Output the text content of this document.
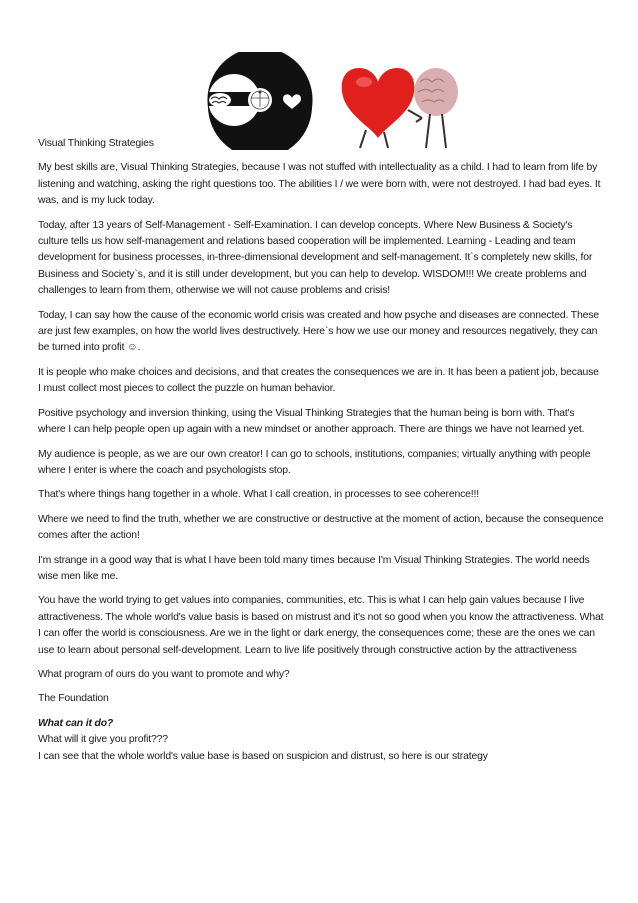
Visual Thinking Strategies

My best skills are, Visual Thinking Strategies, because I was not stuffed with intellectuality as a child. I had to learn from life by listening and watching, asking the right questions too. The abilities I / we were born with, were not destroyed. I had bad eyes. It was, and is my luck today.

Today, after 13 years of Self-Management - Self-Examination. I can develop concepts. Where New Business & Society's culture tells us how self-management and relations based cooperation will be implemented. Learning - Leading and team development for business processes, in-three-dimensional development and self-management. It`s completely new skills, for Business and Society`s, and it is still under development, but you can help to develop. WISDOM!!! We create problems and challenges to learn from them, otherwise we will not cause problems and crisis!

Today, I can say how the cause of the economic world crisis was created and how psyche and diseases are connected. These are just few examples, on how the world lives destructively. Here`s how we use our money and resources negatively, they can be turned into profit ☺.

It is people who make choices and decisions, and that creates the consequences we are in. It has been a patient job, because I must collect most pieces to collect the puzzle on human behavior.

Positive psychology and inversion thinking, using the Visual Thinking Strategies that the human being is born with. That's where I can help people open up again with a new mindset or another approach. There are things we have not learned yet.

My audience is people, as we are our own creator! I can go to schools, institutions, companies; virtually anything with people where I enter is where the coach and psychologists stop.

That's where things hang together in a whole. What I call creation, in processes to see coherence!!!

Where we need to find the truth, whether we are constructive or destructive at the moment of action, because the consequence comes after the action!

I'm strange in a good way that is what I have been told many times because I'm Visual Thinking Strategies. The world needs wise men like me.

You have the world trying to get values into companies, communities, etc. This is what I can help gain values because I live attractiveness. The whole world's value basis is based on mistrust and it's not so good when you know the attractiveness. What I can offer the world is consciousness. Are we in the light or dark energy, the consequences come; these are the ones we can use to learn about personal self-development. Learn to live life positively through constructive action by the attractiveness

What program of ours do you want to promote and why?

The Foundation

What can it do?

What will it give you profit???

I can see that the whole world's value base is based on suspicion and distrust, so here is our strategy
